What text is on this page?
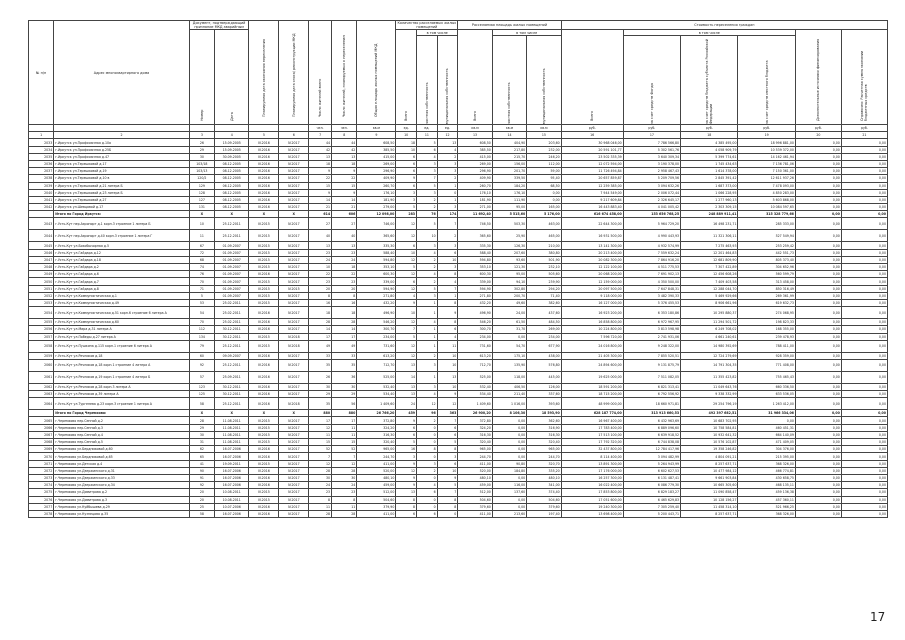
№ п/п	Адрес многоквартирного дома	Документ, подтверждающий признание МКД аварийным		Планируемая дата окончания переселения	Планируемая дата сноса/ реконструкции МКД	Число жителей всего	Число жителей, планируемых к переселению	Общая площадь жилых помещений МКД	Количество расселяемых жилых помещений			Расселяемая площадь жилых помещений			Стоимость переселения граждан					

		Номер	Дата						Всего	в том числе		Всего	в том числе		Всего	в том числе			Дополнительные источники финансирования	Справочно: Расчетная сумма экономии бюджетных средств

										частная собственность	муниципальная собственность		частная собственность	муниципальная собственность		за счет средств Фонда	за счет средств бюджета субъекта Российской Федерации	за счет средств местного бюджета		

						чел.	чел.	кв.м	ед.	ед.	ед.	кв.м	кв.м	кв.м	руб.	руб.	руб.	руб.	руб.	руб.
1	2	3	4	5	6	7	8	9	10	11	12	13	14	15	16	17	18	19	20	21
2033	г.Иркутск ул.Профсоюзная д.10а	26	15.09.2005	IV.2016	IV.2017	44	44	608,50	18	5	13	608,50	404,90	203,60	30 968 046,00	7 786 566,80	4 385 495,00	18 996 881,00	0,00	0,00
2034	г.Иркутск ул.Профсоюзная д.25Б	29	15.09.2005	IV.2016	IV.2017	42	42	385,50	10	6	4	385,50	217,80	232,00	20 591 101,77	5 302 561,76	4 058 909,79	10 539 372,00	0,00	0,00
2035	г.Иркутск ул.Профсоюзная д.47	30	30.09.2005	IV.2016	IV.2017	13	13	415,00	6	4	2	415,00	215,70	246,20	23 502 335,39	3 640 309,34	5 399 774,61	14 162 461,94	0,00	0,00
2036	г.Иркутск ул.Терешковой д.17	103/18	08.12.2005	IV.2016	IV.2017	18	18	269,00	6	3	3	269,00	156,00	112,00	12 072 594,00	3 190 378,00	1 745 434,63	7 136 781,06	0,00	0,00
2037	г.Иркутск ул.Терешковой д.19	103/13	08.12.2005	IV.2016	IV.2017	9	9	296,90	6	3	3	296,90	201,70	59,00	11 726 494,84	2 958 467,43	1 614 378,00	7 150 361,00	0,00	0,00
2038	г.Иркутск ул.Терешковой д.10 в	120/2	08.12.2005	IV.2016	IV.2017	22	22	409,90	9	7	2	409,90	339,50	95,40	20 657 859,87	5 209 709,56	2 845 391,42	12 611 937,26	0,00	0,00
2039	г.Иркутск ул.Терешковой д.21 литера Б	129	06.12.2005	IV.2016	IV.2017	15	15	260,70	6	5	1	260,70	184,20	68,50	12 259 385,00	3 094 632,26	1 687 373,00	7 478 093,00	0,00	0,00
2040	г.Иркутск ул.Терешковой д.23 литера Б	128	08.12.2005	IV.2016	IV.2017	9	9	176,10	3	3	0	176,10	176,10	0,00	7 944 549,00	2 006 072,44	1 066 228,95	4 850 283,00	0,00	0,00
2041	г.Иркутск ул.Терешковой д.27	127	08.12.2005	IV.2016	IV.2017	14	14	181,90	3	2	1	181,90	111,90	0,00	9 217 609,84	2 326 645,17	1 277 960,13	5 603 868,00	0,00	0,00
2042	г.Иркутск ул.Шевцовой д.17	131	08.12.2005	IV.2016	IV.2017	21	21	279,00	5	2	3	271,00	95,00	165,00	16 443 883,40	4 041 005,42	2 303 309,15	10 084 597,65	0,00	0,00
	Итого по Город Иркутск:	X	X	X	X	614	606	12 098,00	283	76	174	11 692,40	5 515,60	5 176,00	616 674 458,00	153 656 768,25	248 889 911,41	315 328 779,66	0,00	0,00
2043	г.Усть-Кут пер.Аэропорт д.1 корп.3 строение 1 литера Б	10	25.12.2011	IV.2015	IV.2017	27	27	746,00	12	5	7	746,50	503,30	463,00	22 644 300,00	5 964 729,20	16 498 231,71	285 333,00	0,00	0,00
2044	г.Усть-Кут пер.Аэропорт д.40 корп.3 строение 1 литера Г	11	25.12.2011	IV.2015	IV.2017	40	40	365,60	12	10	2	365,60	25,90	465,00	16 931 500,00	4 990 443,93	11 321 306,11	527 549,94	0,00	0,00
2045	г.Усть-Кут ул.Бокобычорная д.5	67	01.09.2007	IV.2015	IV.2017	13	13	335,30	6	3	3	335,30	126,30	210,00	13 141 300,00	4 932 574,99	7 275 463,93	253 259,42	0,00	0,00
2046	г.Усть-Кут ул.Гайдара д.12	72	01.09.2007	IV.2015	IV.2017	23	23	588,40	10	4	6	588,40	207,60	380,80	20 213 400,00	7 559 632,24	12 201 464,83	442 551,73	0,00	0,00
2047	г.Усть-Кут ул.Гайдара д.18	68	01.09.2007	IV.2015	IV.2017	24	24	594,80	12	2	10	594,80	93,60	501,90	20 082 300,00	7 864 916,20	12 681 809,90	805 373,40	0,00	0,00
2048	г.Усть-Кут ул.Гайдара д.2	74	01.09.2007	IV.2015	IV.2017	10	18	353,10	5	2	3	353,10	121,30	232,10	12 122 100,00	4 511 775,53	7 307 422,89	304 652,96	0,00	0,00
2049	г.Усть-Кут ул.Гайдара д.6	76	01.09.2007	IV.2016	IV.2017	22	22	600,30	12	4	8	600,30	95,00	505,60	20 068 200,00	7 691 902,13	12 456 608,26	560 599,79	0,00	0,00
2050	г.Усть-Кут ул.Гайдара д.7	70	01.09.2007	IV.2015	IV.2017	23	23	339,00	6	2	4	339,00	94,10	239,90	12 159 000,00	4 350 500,00	7 409 403,58	313 458,00	0,00	0,00
2051	г.Усть-Кут ул.Гайдара д.8	71	01.09.2007	IV.2015	IV.2015	20	20	594,90	12	5	7	594,90	302,80	294,20	20 097 500,00	7 647 848,31	12 288 044,70	850 316,49	0,00	0,00
2052	г.Усть-Кут ул.Коммунистическая д.1	5	01.09.2007	IV.2015	IV.2017	8	8	271,80	4	3	1	271,80	200,70	71,40	9 118 000,00	3 482 390,33	5 469 929,66	269 361,99	0,00	0,00
2053	г.Усть-Кут ул.Коммунистическая д.49	53	25.02.2011	IV.2015	IV.2017	16	16	432,20	9	1	8	432,20	49,60	382,60	16 127 000,00	5 376 455,53	8 906 661,96	619 632,73	0,00	0,00
2054	г.Усть-Кут ул.Коммунистическая д.51 корп.6 строение 6 литера А	54	25.02.2011	IV.2016	IV.2017	18	18	496,90	10	1	9	496,90	24,00	437,60	16 923 200,00	6 353 180,86	10 295 880,37	274 068,95	0,00	0,00
2055	г.Усть-Кут ул.Коммунистическая д.60	70	25.02.2011	IV.2016	IV.2017	28	28	546,20	12	4	8	546,20	61,50	484,50	16 858 800,00	6 972 967,95	11 294 501,72	198 823,33	0,00	0,00
2056	г.Усть-Кут ул.Мира д.31 литера А	112	30.12.2011	IV.2016	IV.2017	14	14	300,70	7	1	6	300,70	31,70	269,00	10 224 800,00	3 813 598,98	6 249 708,02	168 355,00	0,00	0,00
2057	г.Усть-Кут ул.Победы д.27 литера А	134	30.12.2011	IV.2015	IV.2018	17	17	234,00	5	1	4	234,00	0,00	234,00	7 596 720,00	2 741 931,06	4 661 240,61	239 478,93	0,00	0,00
2058	г.Усть-Кут ул.Пушкина д.115 корп.1 строение 6 литера А	79	25.12.2011	IV.2015	IV.2018	49	49	731,60	12	1	11	731,60	54,70	677,90	24 016 800,00	9 248 322,00	14 980 392,69	788 411,00	0,00	0,00
2059	г.Усть-Кут ул.Речников д.18	60	09.09.2007	IV.2016	IV.2017	33	33	613,20	12	2	10	613,20	175,10	438,00	21 405 300,00	7 855 520,51	12 724 279,69	928 359,00	0,00	0,00
2060	г.Усть-Кут ул.Речников д.18 корп.1 строение 4 литера А	92	25.12.2011	IV.2016	IV.2017	35	35	712,70	13	3	10	712,70	135,90	576,80	24 894 600,00	9 131 875,79	14 791 304,35	771 408,00	0,00	0,00
2061	г.Усть-Кут ул.Речников д.19 корп.1 строение 4 литера Б	57	25.09.2011	IV.2016	IV.2017	26	36	525,00	14	1	13	525,00	118,00	445,00	19 625 000,00	7 511 082,05	11 355 423,82	755 465,43	0,00	0,00
2062	г.Усть-Кут ул.Речников д.28 корп.3 литера А	123	30.12.2011	IV.2016	IV.2017	30	30	532,40	13	3	10	532,40	406,50	126,00	18 591 200,00	6 821 313,41	11 049 643,76	660 336,50	0,00	0,00
2063	г.Усть-Кут ул.Речников д.39 литера А	125	30.12.2011	IV.2016	IV.2017	29	29	534,40	13	4	9	534,40	211,40	337,60	18 715 200,00	6 792 556,92	9 338 332,99	633 536,05	0,00	0,00
2064	г.Усть-Кут ул.Тургенева д.23 корп.3 строение 1 литера А	58	25.12.2011	IV.2016	IV.2018	35	56	1 409,60	24	12	12	1 409,60	1 016,00	393,60	48 999 000,00	18 660 971,81	29 254 796,19	1 263 412,00	0,00	0,00
	Итого по Город Черемхово:	X	X	X	X	880	880	26 766,20	459	96	363	26 900,20	8 106,30	18 593,90	628 187 774,00	313 913 660,53	492 397 682,51	31 966 334,06	0,00	0,00
2065	г.Черемхово пер.Сенной д.2	28	11.08.2011	IV.2015	IV.2017	17	17	372,80	9	2	7	372,80	0,00	362,60	16 967 400,00	6 432 963,69	10 683 702,95	0,00	0,00	0,00
2066	г.Черемхово пер.Сенной д.3	29	11.08.2011	IV.2015	IV.2017	12	11	324,20	6	0	6	324,20	0,00	316,90	17 783 400,00	6 889 096,60	10 758 584,81	460 451,31	0,00	0,00
2067	г.Черемхово пер.Сенной д.4	30	11.08.2011	IV.2015	IV.2017	11	11	316,30	6	0	6	316,30	0,00	316,30	17 513 100,00	6 639 918,52	10 932 641,32	664 140,09	0,00	0,00
2068	г.Черемхово пер.Сенной д.5	31	11.08.2011	IV.2015	IV.2017	15	15	320,40	5	0	5	320,40	0,00	320,40	17 792 320,00	6 744 838,08	10 576 102,87	471 409,05	0,00	0,00
2069	г.Черемхово ул.Бердниковой д.60	62	16.07.2006	IV.2016	IV.2017	52	52	965,00	16	8	8	965,00	0,00	965,00	32 437 800,00	12 784 417,96	19 358 246,82	304 376,00	0,00	0,00
2070	г.Черемхово ул.Бердниковой д.65	65	16.07.2006	IV.2016	IV.2017	7	7	244,70	3	0	3	244,70	0,00	244,70	8 114 400,00	3 094 482,99	4 804 091,21	215 395,00	0,00	0,00
2071	г.Черемхово ул.Детская д.4	41	19.09.2011	IV.2015	IV.2017	12	12	411,00	9	3	6	411,00	90,80	320,70	13 891 300,00	5 264 943,99	8 257 637,71	368 326,00	0,00	0,00
2072	г.Черемхово ул.Дзержинского д.31	90	16.07.2006	IV.2016	IV.2017	28	28	520,00	12	2	10	520,00	184,80	335,20	17 176 000,00	6 602 627,53	10 477 984,12	466 774,81	0,00	0,00
2073	г.Черемхово ул.Дзержинского д.33	91	16.07.2006	IV.2016	IV.2017	30	30	480,10	9	0	9	480,10	0,00	480,10	16 257 300,00	6 131 487,41	9 661 903,84	430 658,75	0,00	0,00
2074	г.Черемхово ул.Дзержинского д.34	92	16.07.2006	IV.2016	IV.2017	24	24	459,00	9	4	5	459,00	116,00	341,00	16 022 400,00	6 086 779,30	10 665 305,60	468 135,11	0,00	0,00
2075	г.Черемхово ул.Димитрова д.2	20	10.08.2011	IV.2015	IV.2017	23	23	512,00	13	6	7	512,00	137,60	374,40	17 853 800,00	6 829 183,27	11 090 858,47	459 136,38	0,00	0,00
2076	г.Черемхово ул.Димитрова д.3	20	10.08.2011	IV.2015	IV.2017	8	8	504,60	8	0	8	504,60	0,00	504,60	17 051 600,00	6 465 629,83	10 128 156,27	457 360,11	0,00	0,00
2077	г.Черемхово ул.Куйбышева д.29	25	10.07.2006	IV.2016	IV.2017	11	11	379,90	8	0	8	379,60	0,00	379,60	19 240 300,00	7 305 259,40	11 458 314,10	521 966,25	0,00	0,00
2078	г.Черемхово ул.Кузнецова д.35	58	16.07.2006	IV.2016	IV.2017	28	28	411,00	6	6	0	411,00	213,60	197,40	13 698 400,00	5 200 443,71	8 257 637,71	368 326,00	0,00	0,00
17
